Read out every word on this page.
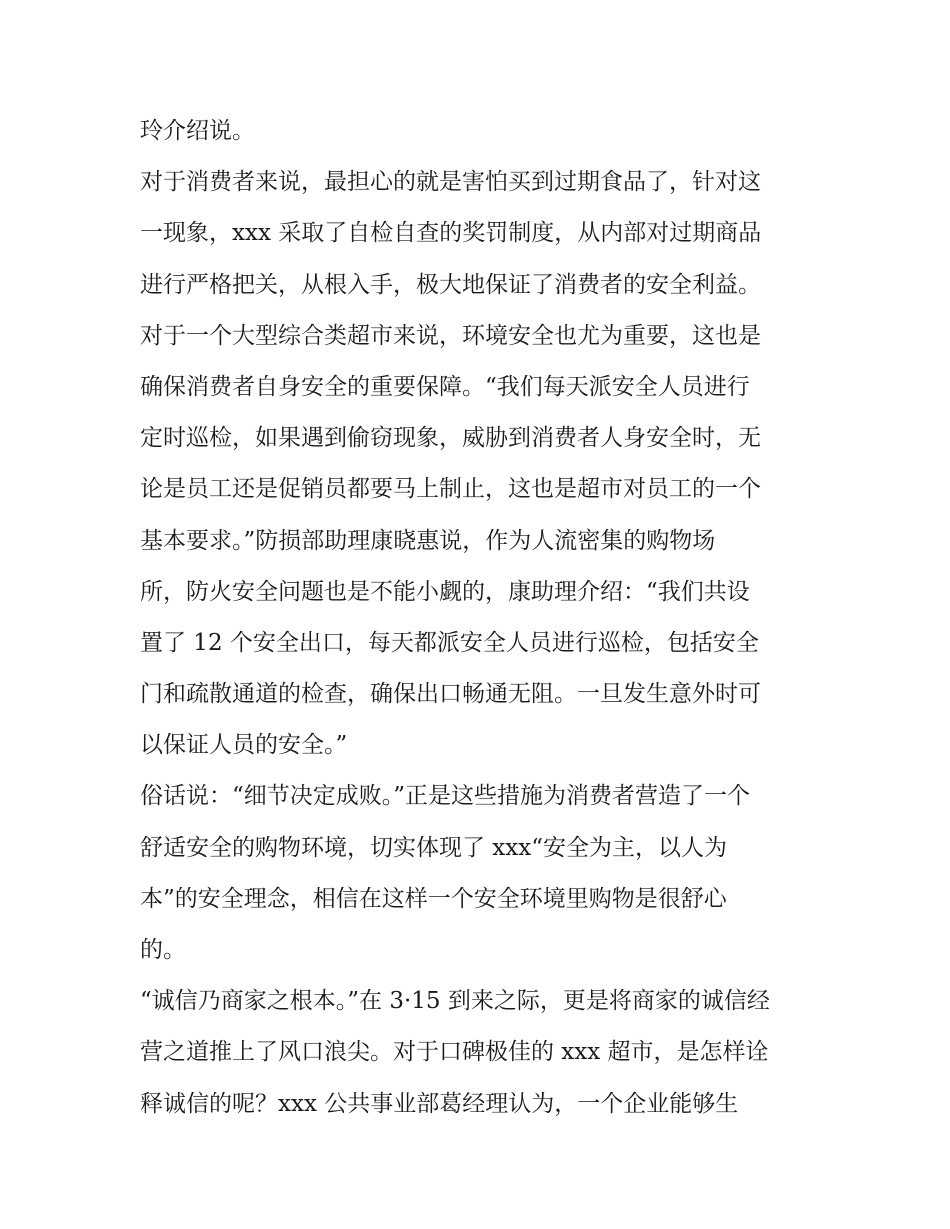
玲介绍说。
对于消费者来说，最担心的就是害怕买到过期食品了，针对这
一现象，xxx 采取了自检自查的奖罚制度，从内部对过期商品
进行严格把关，从根入手，极大地保证了消费者的安全利益。
对于一个大型综合类超市来说，环境安全也尤为重要，这也是
确保消费者自身安全的重要保障。“我们每天派安全人员进行
定时巡检，如果遇到偷窃现象，威胁到消费者人身安全时，无
论是员工还是促销员都要马上制止，这也是超市对员工的一个
基本要求。”防损部助理康晓惠说，作为人流密集的购物场
所，防火安全问题也是不能小觑的，康助理介绍：“我们共设
置了 12 个安全出口，每天都派安全人员进行巡检，包括安全
门和疏散通道的检查，确保出口畅通无阻。一旦发生意外时可
以保证人员的安全。”
俗话说：“细节决定成败。”正是这些措施为消费者营造了一个
舒适安全的购物环境，切实体现了 xxx“安全为主，以人为
本”的安全理念，相信在这样一个安全环境里购物是很舒心
的。
“诚信乃商家之根本。”在 3·15 到来之际，更是将商家的诚信经
营之道推上了风口浪尖。对于口碑极佳的 xxx 超市，是怎样诠
释诚信的呢？xxx 公共事业部葛经理认为，一个企业能够生
